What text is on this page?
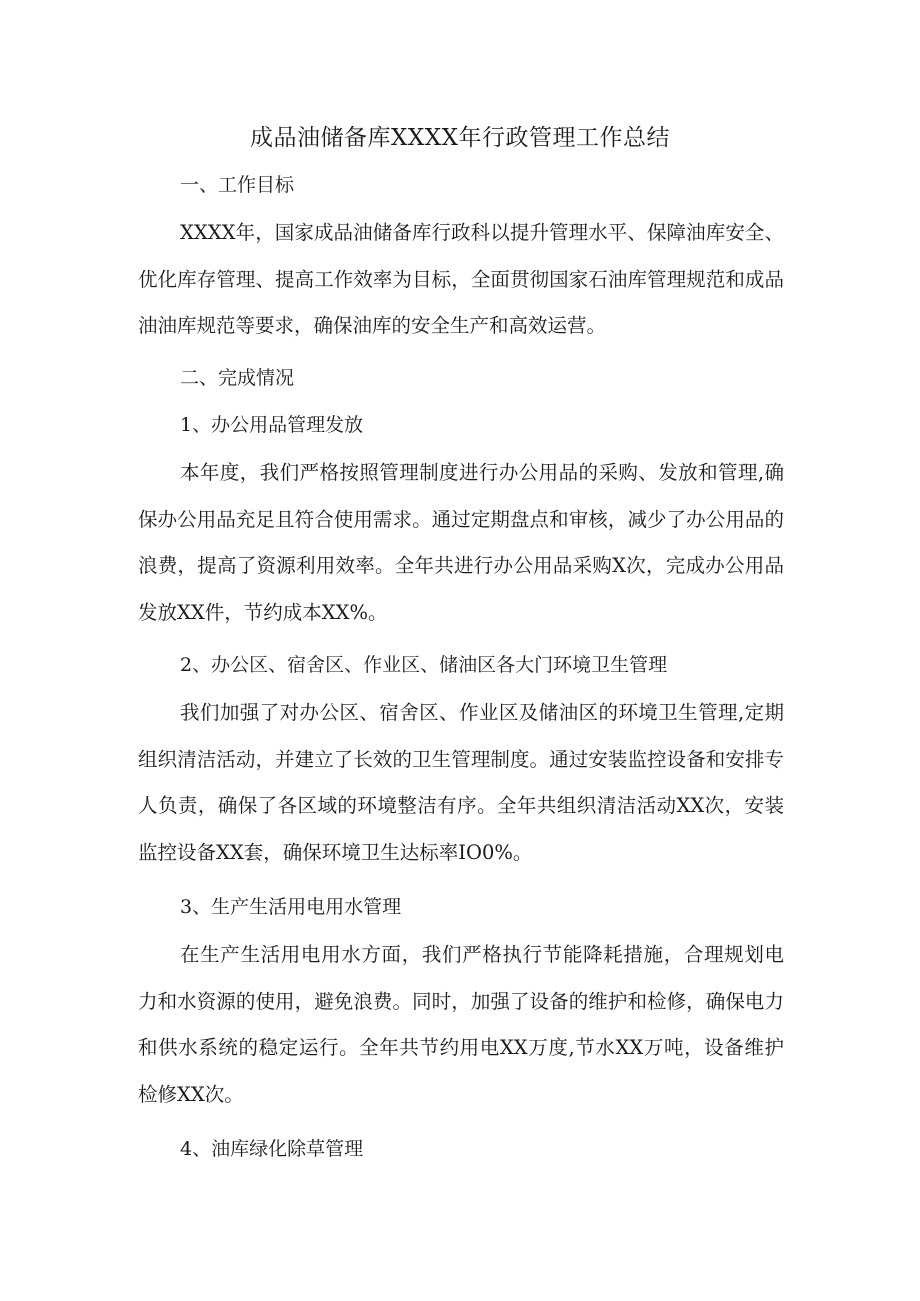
成品油储备库XXXX年行政管理工作总结
一、工作目标

XXXX年，国家成品油储备库行政科以提升管理水平、保障油库安全、优化库存管理、提高工作效率为目标，全面贯彻国家石油库管理规范和成品油油库规范等要求，确保油库的安全生产和高效运营。

二、完成情况
1、办公用品管理发放

本年度，我们严格按照管理制度进行办公用品的采购、发放和管理,确保办公用品充足且符合使用需求。通过定期盘点和审核，减少了办公用品的浪费，提高了资源利用效率。全年共进行办公用品采购X次，完成办公用品发放XX件，节约成本XX%。

2、办公区、宿舍区、作业区、储油区各大门环境卫生管理

我们加强了对办公区、宿舍区、作业区及储油区的环境卫生管理,定期组织清洁活动，并建立了长效的卫生管理制度。通过安装监控设备和安排专人负责，确保了各区域的环境整洁有序。全年共组织清洁活动XX次，安装监控设备XX套，确保环境卫生达标率IO0%。

3、生产生活用电用水管理

在生产生活用电用水方面，我们严格执行节能降耗措施，合理规划电力和水资源的使用，避免浪费。同时，加强了设备的维护和检修，确保电力和供水系统的稳定运行。全年共节约用电XX万度,节水XX万吨，设备维护检修XX次。

4、油库绿化除草管理
